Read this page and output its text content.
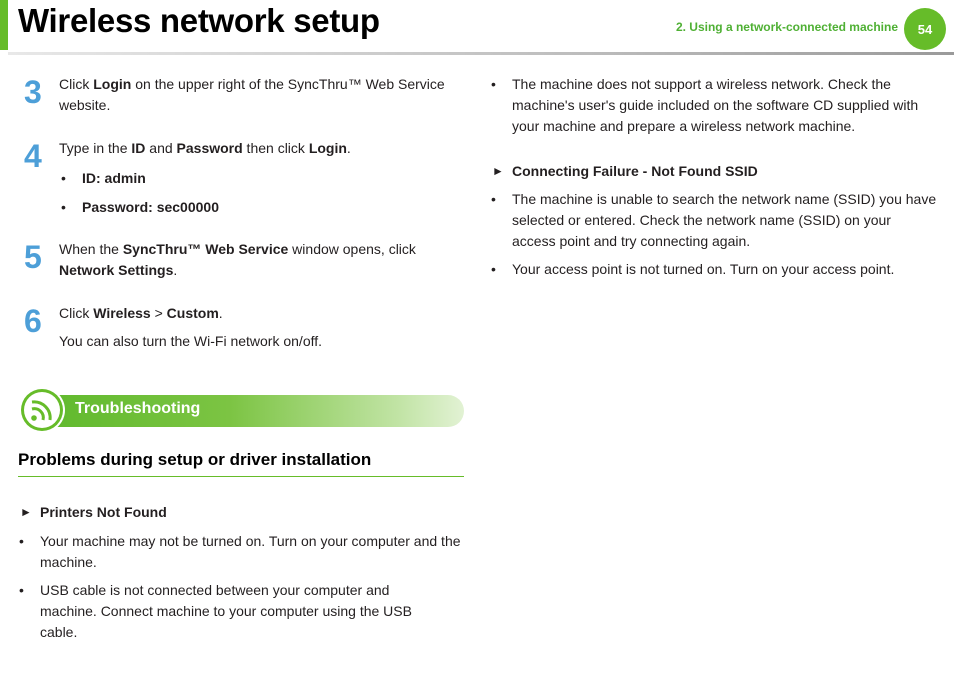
Wireless network setup	2. Using a network-connected machine	54
3 Click Login on the upper right of the SyncThru™ Web Service website.
4 Type in the ID and Password then click Login.
• ID: admin
• Password: sec00000
5 When the SyncThru™ Web Service window opens, click Network Settings.
6 Click Wireless > Custom.
You can also turn the Wi-Fi network on/off.
Troubleshooting
Problems during setup or driver installation
► Printers Not Found
• Your machine may not be turned on. Turn on your computer and the machine.
• USB cable is not connected between your computer and machine. Connect machine to your computer using the USB cable.
• The machine does not support a wireless network. Check the machine's user's guide included on the software CD supplied with your machine and prepare a wireless network machine.
► Connecting Failure - Not Found SSID
• The machine is unable to search the network name (SSID) you have selected or entered. Check the network name (SSID) on your access point and try connecting again.
• Your access point is not turned on. Turn on your access point.
